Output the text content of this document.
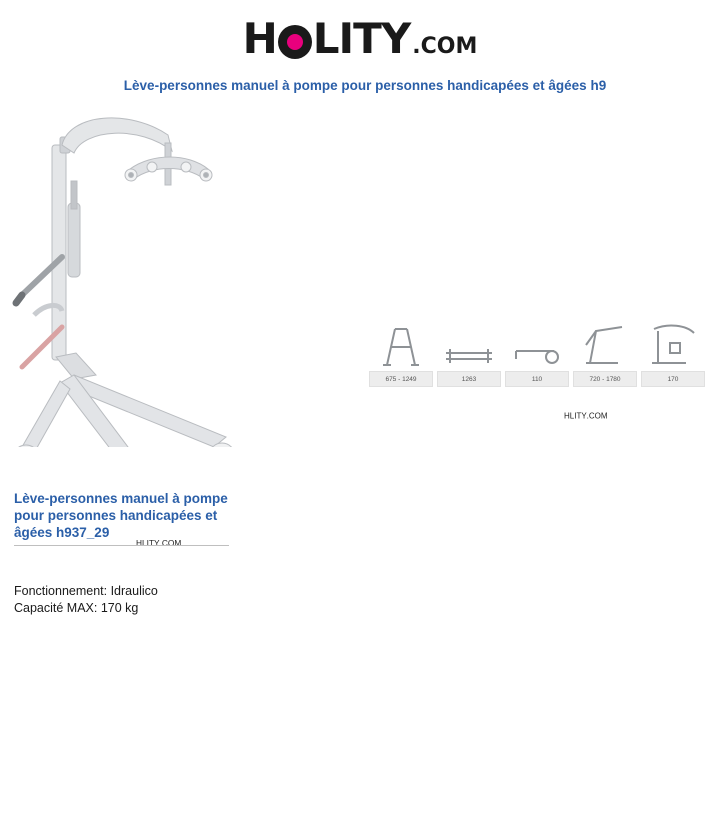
H LITY .COM
Lève-personnes manuel à pompe pour personnes handicapées et âgées h9
H LITY .COM
675 - 1249	1263	110	720 - 1780	170
H LITY .COM
Lève-personnes manuel à pompe pour personnes handicapées et âgées h937_29
Fonctionnement: Idraulico
Capacité MAX: 170 kg
